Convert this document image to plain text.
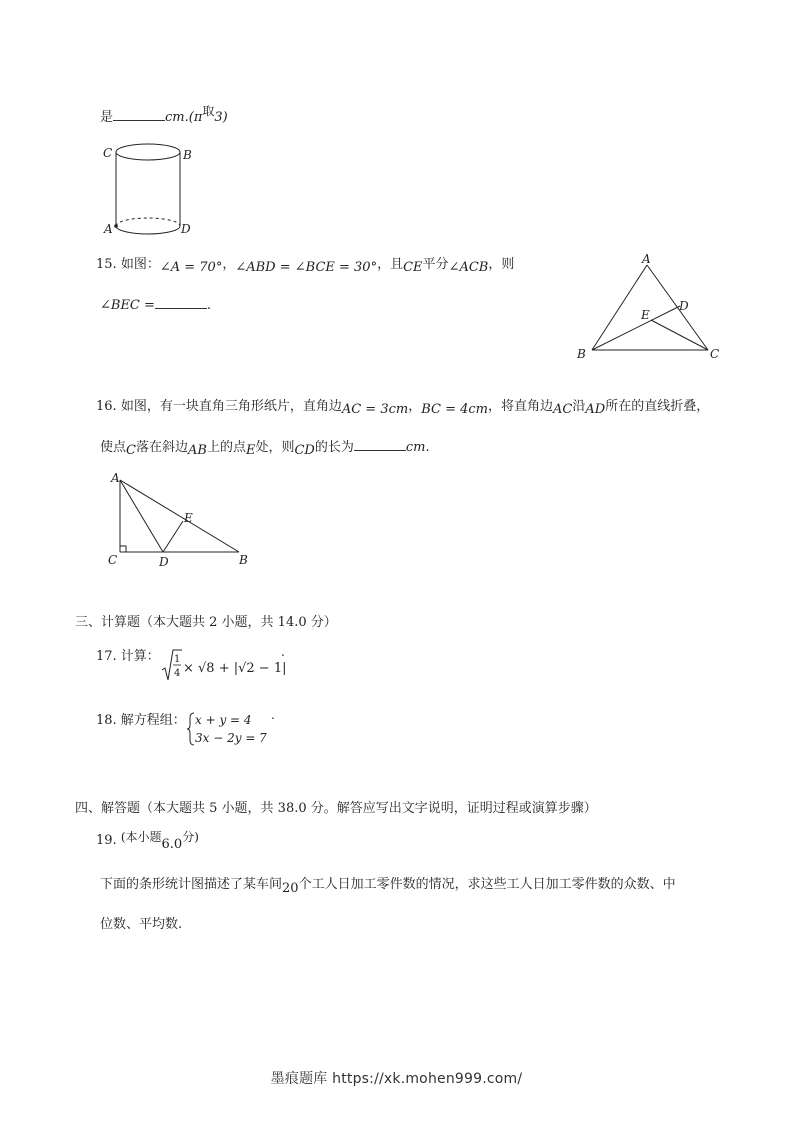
是	cm.(π取3)
C	B
A	D
15. 如图：∠A = 70°，∠ABD = ∠BCE = 30°，且CE平分∠ACB，则
∠BEC =	.
A
B	C
D
E
16. 如图，有一块直角三角形纸片，直角边AC = 3cm，BC = 4cm，将直角边AC沿AD所在的直线折叠，
使点C落在斜边AB上的点E处，则CD的长为	cm.
A
C	D	B
E
三、计算题（本大题共 2 小题，共 14.0 分）
17. 计算： 1
4 × √8 + |√2 − 1|
.
18. 解方程组： x + y = 4
3x − 2y = 7
.
四、解答题（本大题共 5 小题，共 38.0 分。解答应写出文字说明，证明过程或演算步骤）
19. (本小题6.0分)
下面的条形统计图描述了某车间20个工人日加工零件数的情况，求这些工人日加工零件数的众数、中
位数、平均数.
墨痕题库 https://xk.mohen999.com/
